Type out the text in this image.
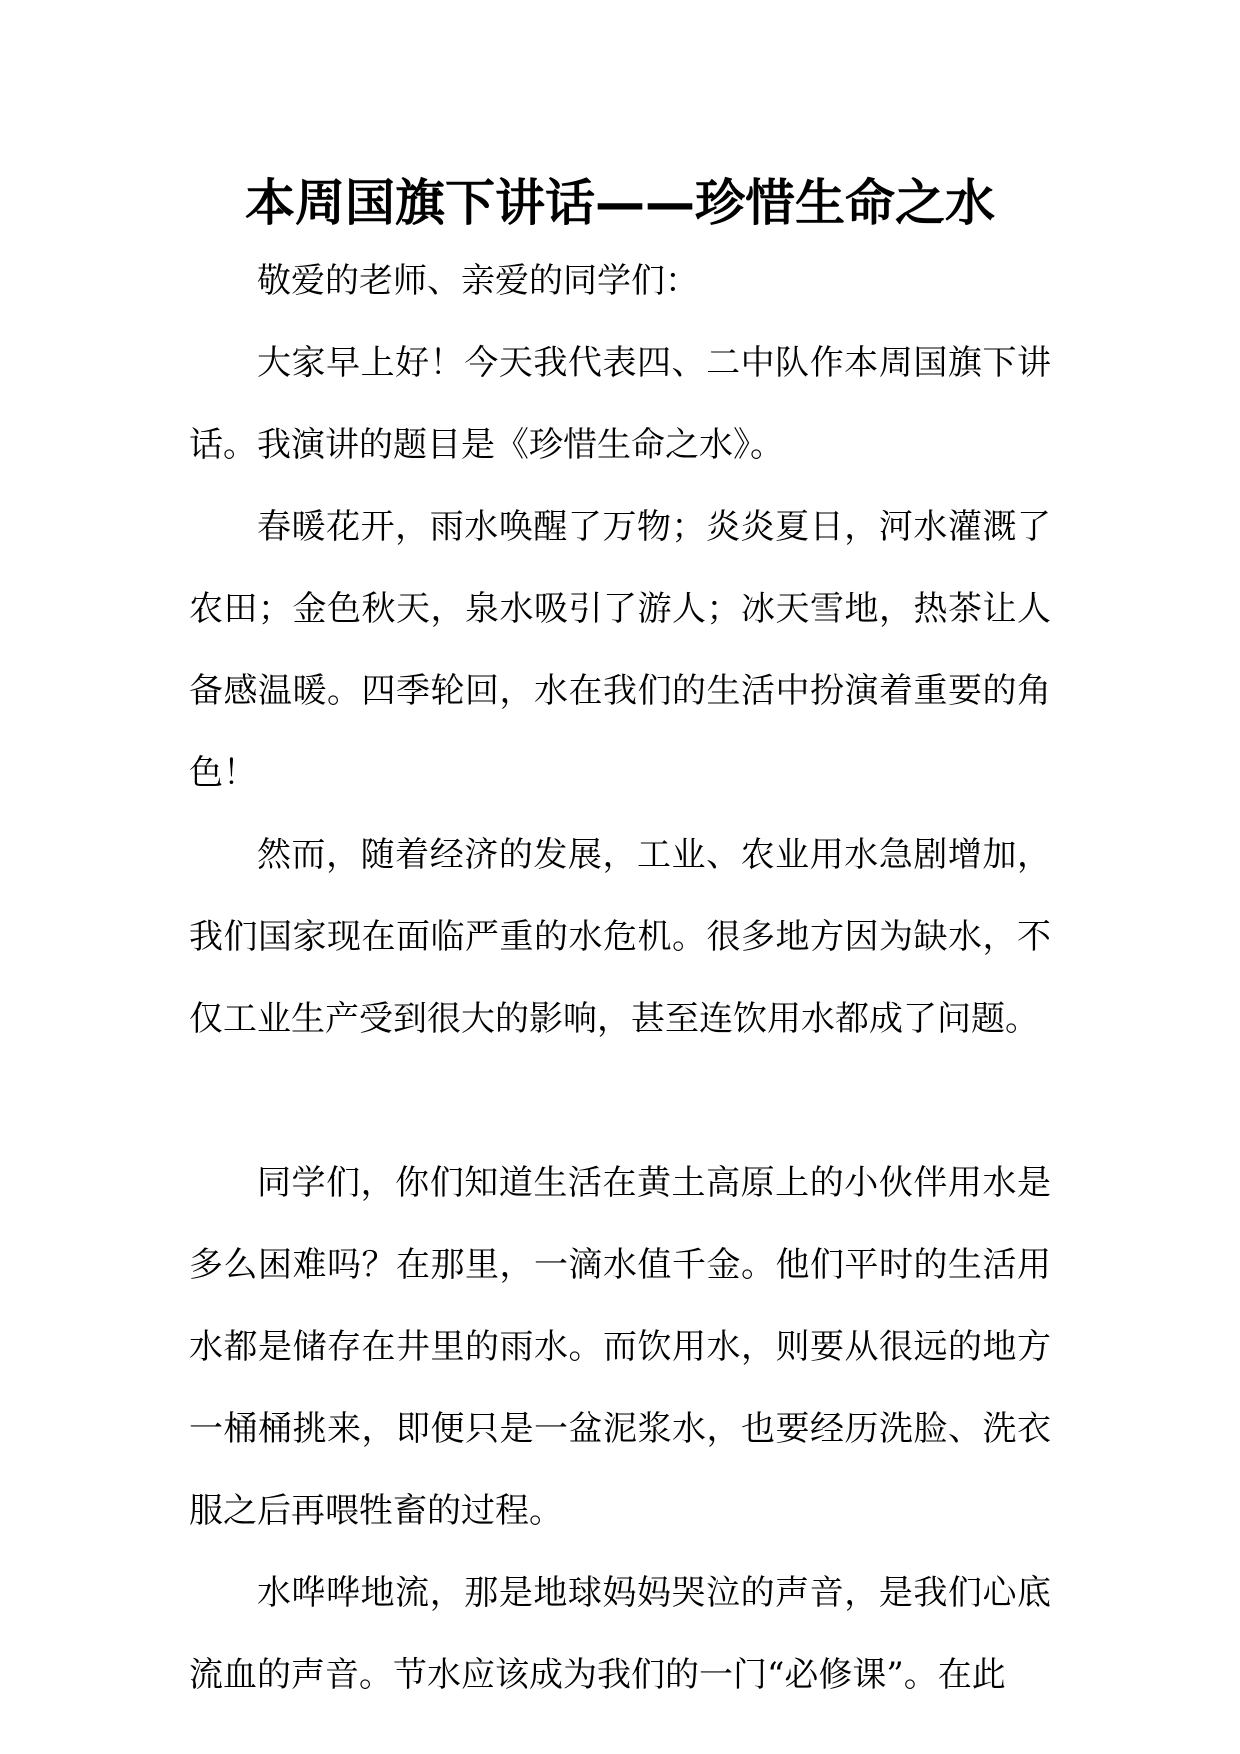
本周国旗下讲话——珍惜生命之水

敬爱的老师、亲爱的同学们：

大家早上好！今天我代表四、二中队作本周国旗下讲话。我演讲的题目是《珍惜生命之水》。

春暖花开，雨水唤醒了万物；炎炎夏日，河水灌溉了农田；金色秋天，泉水吸引了游人；冰天雪地，热茶让人备感温暖。四季轮回，水在我们的生活中扮演着重要的角色！

然而，随着经济的发展，工业、农业用水急剧增加，我们国家现在面临严重的水危机。很多地方因为缺水，不仅工业生产受到很大的影响，甚至连饮用水都成了问题。

同学们，你们知道生活在黄土高原上的小伙伴用水是多么困难吗？在那里，一滴水值千金。他们平时的生活用水都是储存在井里的雨水。而饮用水，则要从很远的地方一桶桶挑来，即便只是一盆泥浆水，也要经历洗脸、洗衣服之后再喂牲畜的过程。

水哗哗地流，那是地球妈妈哭泣的声音，是我们心底流血的声音。节水应该成为我们的一门“必修课”。在此
